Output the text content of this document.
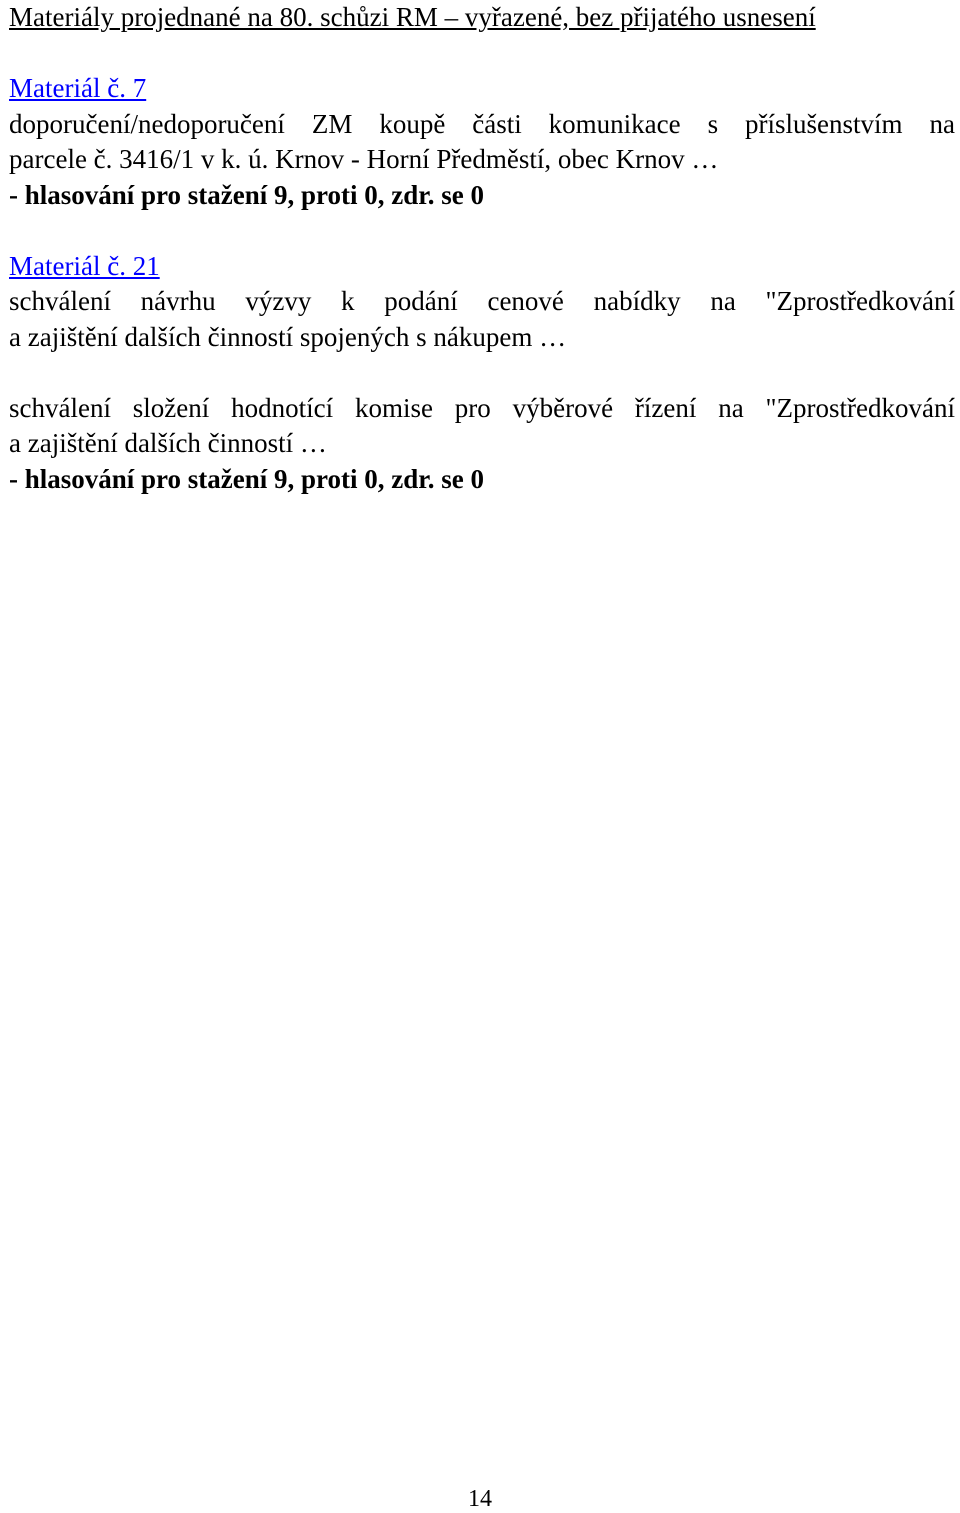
Materiály projednané na 80. schůzi RM – vyřazené, bez přijatého usnesení
Materiál č. 7
doporučení/nedoporučení ZM koupě části komunikace s příslušenstvím na
parcele č. 3416/1 v k. ú. Krnov - Horní Předměstí, obec Krnov …
- hlasování pro stažení 9, proti 0, zdr. se 0
Materiál č. 21
schválení návrhu výzvy k podání cenové nabídky na "Zprostředkování
a zajištění dalších činností spojených s nákupem …
schválení složení hodnotící komise pro výběrové řízení na "Zprostředkování
a zajištění dalších činností …
- hlasování pro stažení 9, proti 0, zdr. se 0
14
